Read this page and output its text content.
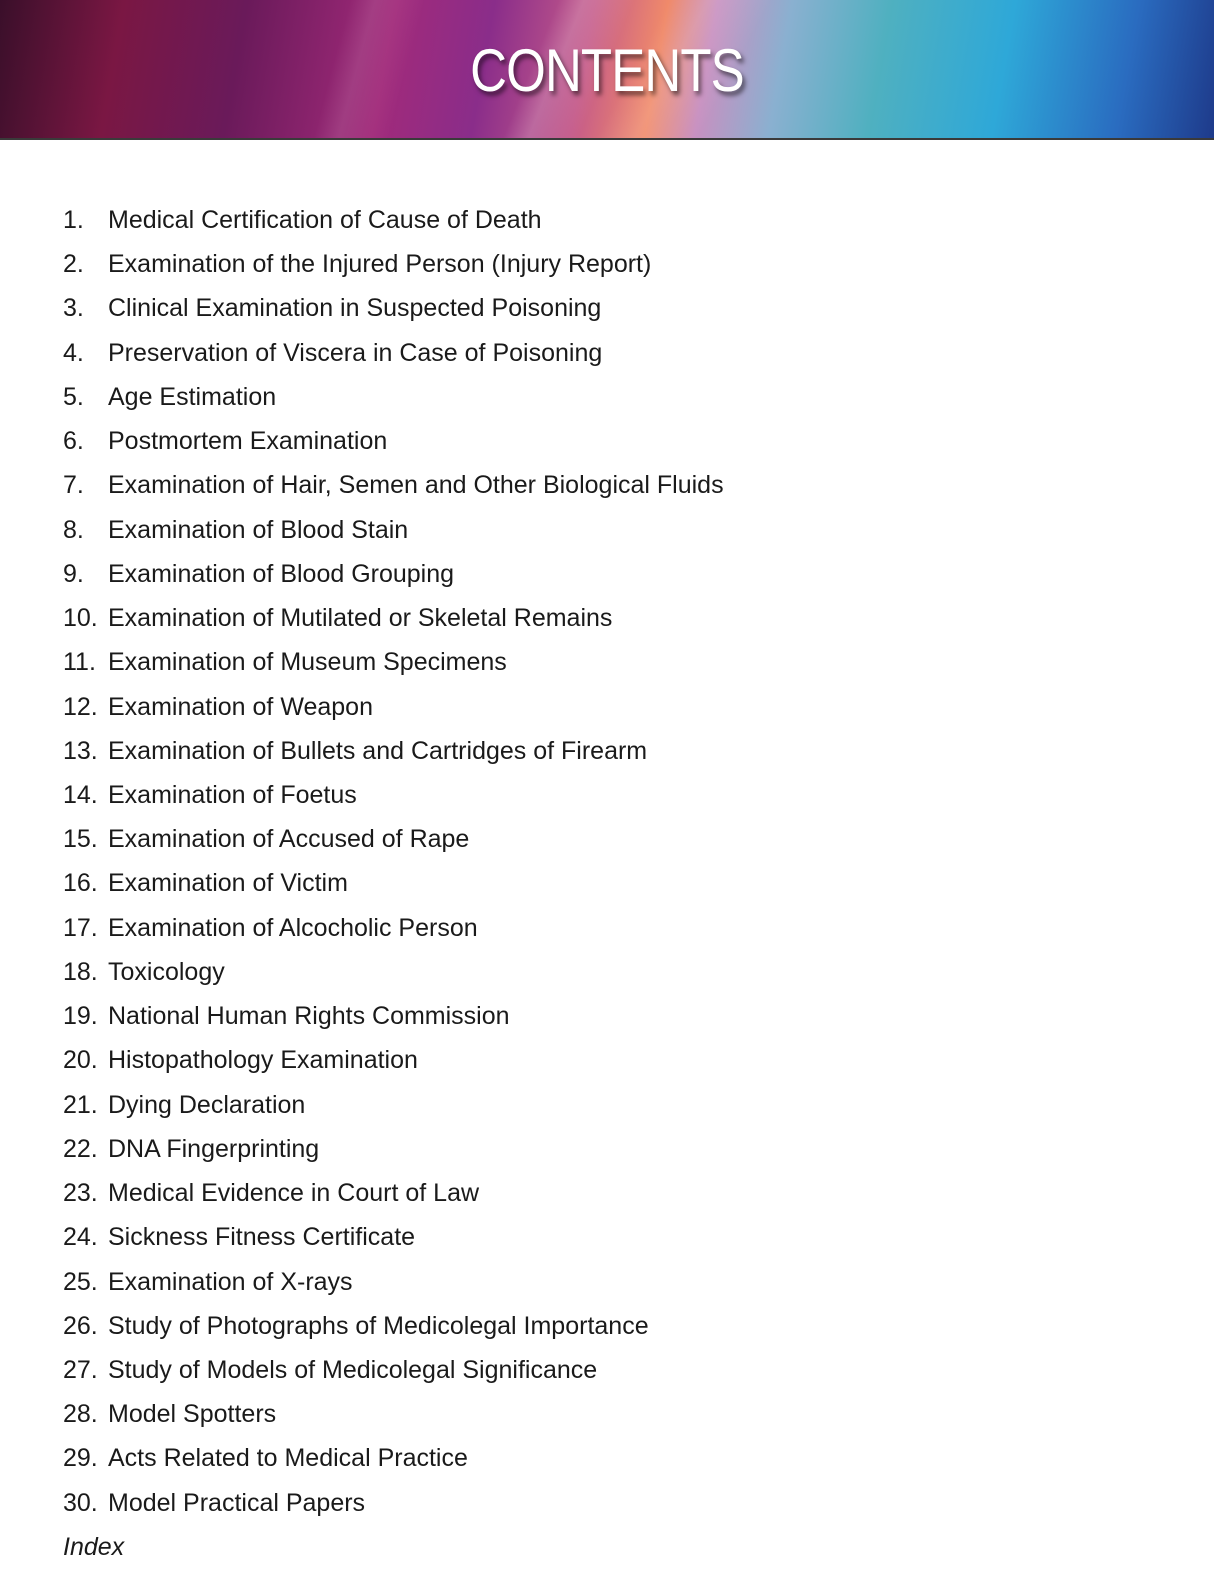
CONTENTS
1. Medical Certification of Cause of Death
2. Examination of the Injured Person (Injury Report)
3. Clinical Examination in Suspected Poisoning
4. Preservation of Viscera in Case of Poisoning
5. Age Estimation
6. Postmortem Examination
7. Examination of Hair, Semen and Other Biological Fluids
8. Examination of Blood Stain
9. Examination of Blood Grouping
10. Examination of Mutilated or Skeletal Remains
11. Examination of Museum Specimens
12. Examination of Weapon
13. Examination of Bullets and Cartridges of Firearm
14. Examination of Foetus
15. Examination of Accused of Rape
16. Examination of Victim
17. Examination of Alcocholic Person
18. Toxicology
19. National Human Rights Commission
20. Histopathology Examination
21. Dying Declaration
22. DNA Fingerprinting
23. Medical Evidence in Court of Law
24. Sickness Fitness Certificate
25. Examination of X-rays
26. Study of Photographs of Medicolegal Importance
27. Study of Models of Medicolegal Significance
28. Model Spotters
29. Acts Related to Medical Practice
30. Model Practical Papers
Index
